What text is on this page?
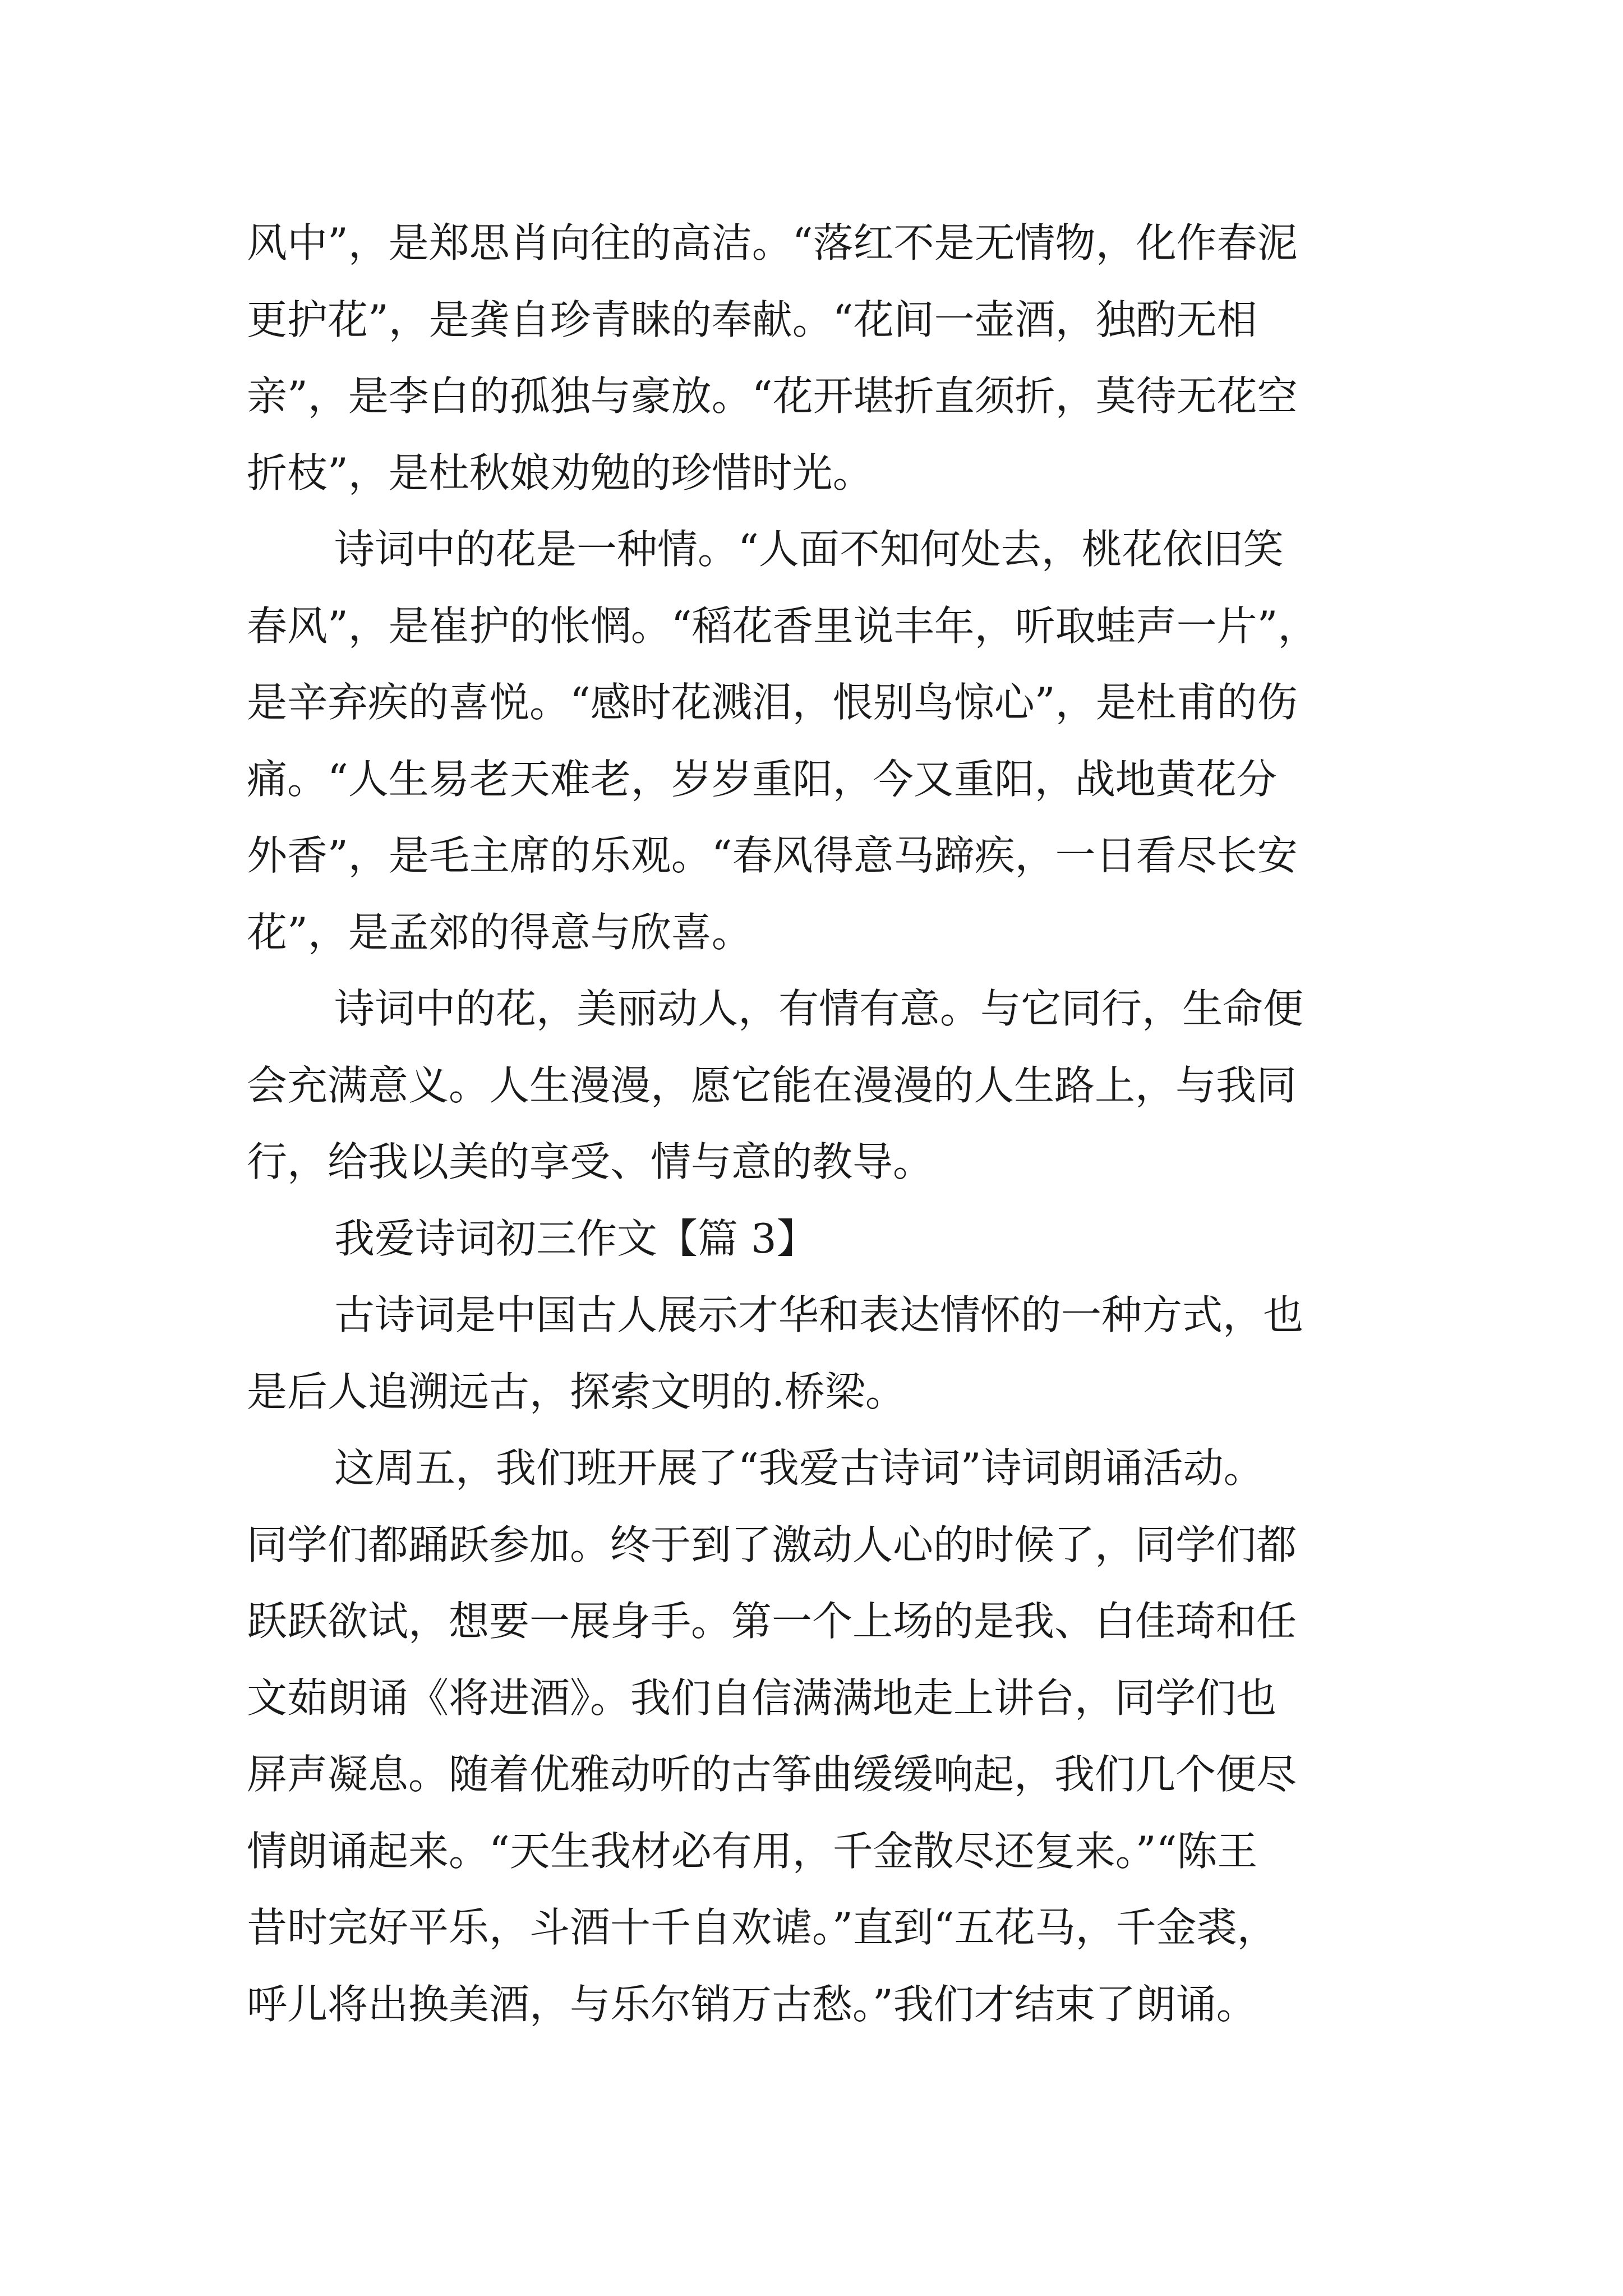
风中”，是郑思肖向往的高洁。“落红不是无情物，化作春泥
更护花”，是龚自珍青睐的奉献。“花间一壶酒，独酌无相
亲”，是李白的孤独与豪放。“花开堪折直须折，莫待无花空
折枝”，是杜秋娘劝勉的珍惜时光。
诗词中的花是一种情。“人面不知何处去，桃花依旧笑
春风”，是崔护的怅惘。“稻花香里说丰年，听取蛙声一片”，
是辛弃疾的喜悦。“感时花溅泪，恨别鸟惊心”，是杜甫的伤
痛。“人生易老天难老，岁岁重阳，今又重阳，战地黄花分
外香”，是毛主席的乐观。“春风得意马蹄疾，一日看尽长安
花”，是孟郊的得意与欣喜。
诗词中的花，美丽动人，有情有意。与它同行，生命便
会充满意义。人生漫漫，愿它能在漫漫的人生路上，与我同
行，给我以美的享受、情与意的教导。
我爱诗词初三作文【篇 3】
古诗词是中国古人展示才华和表达情怀的一种方式，也
是后人追溯远古，探索文明的.桥梁。
这周五，我们班开展了“我爱古诗词”诗词朗诵活动。
同学们都踊跃参加。终于到了激动人心的时候了，同学们都
跃跃欲试，想要一展身手。第一个上场的是我、白佳琦和任
文茹朗诵《将进酒》。我们自信满满地走上讲台，同学们也
屏声凝息。随着优雅动听的古筝曲缓缓响起，我们几个便尽
情朗诵起来。“天生我材必有用，千金散尽还复来。”“陈王
昔时完好平乐，斗酒十千自欢谑。”直到“五花马，千金裘，
呼儿将出换美酒，与乐尔销万古愁。”我们才结束了朗诵。
